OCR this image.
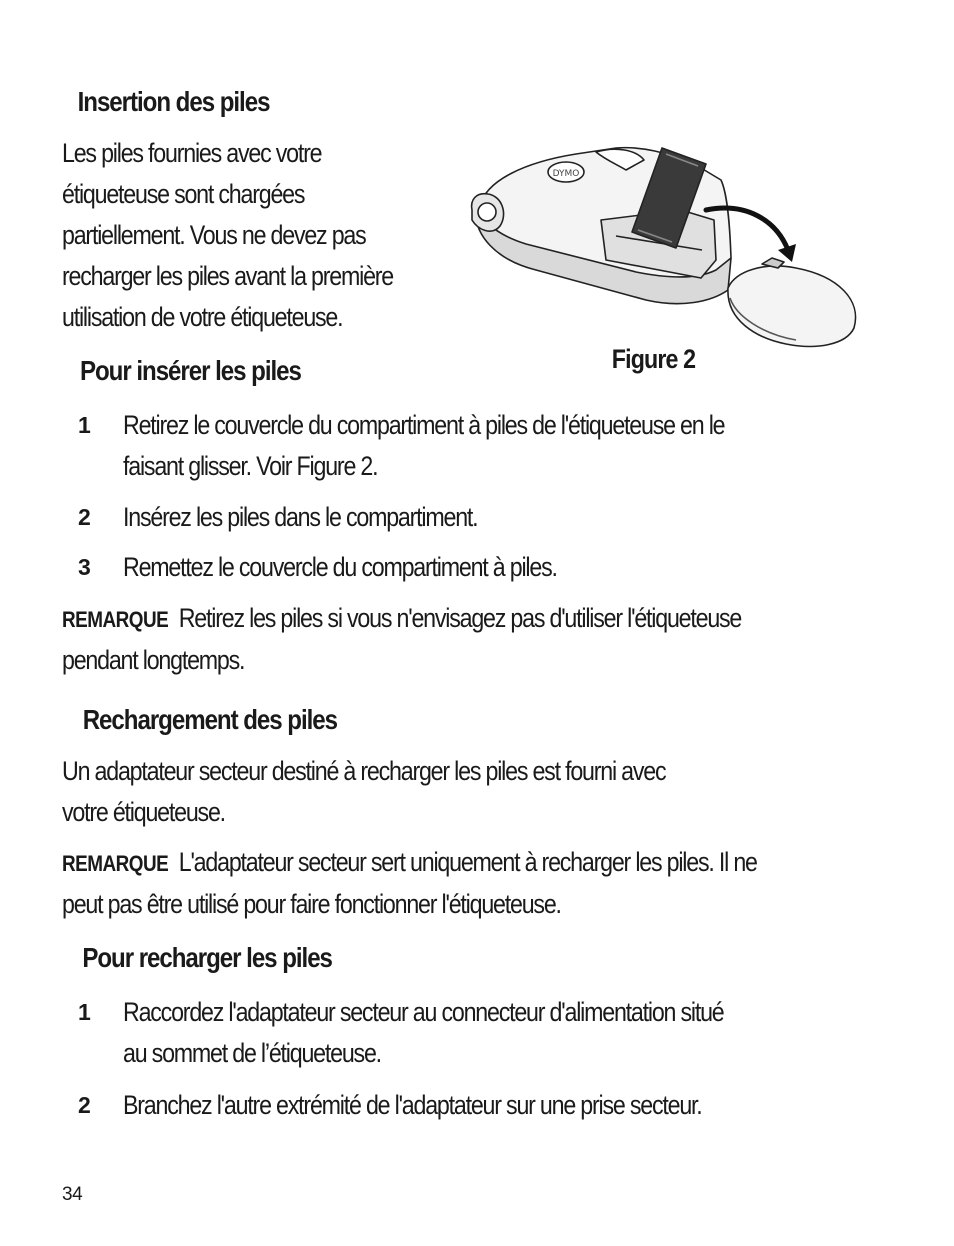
Insertion des piles
Les piles fournies avec votre
étiqueteuse sont chargées
partiellement. Vous ne devez pas
recharger les piles avant la première
utilisation de votre étiqueteuse.
DYMO
Figure 2
Pour insérer les piles
1 Retirez le couvercle du compartiment à piles de l'étiqueteuse en le
faisant glisser. Voir Figure 2.
2 Insérez les piles dans le compartiment.
3 Remettez le couvercle du compartiment à piles.
REMARQUE Retirez les piles si vous n'envisagez pas d'utiliser l'étiqueteuse
pendant longtemps.
Rechargement des piles
Un adaptateur secteur destiné à recharger les piles est fourni avec
votre étiqueteuse.
REMARQUE L'adaptateur secteur sert uniquement à recharger les piles. Il ne
peut pas être utilisé pour faire fonctionner l'étiqueteuse.
Pour recharger les piles
1 Raccordez l'adaptateur secteur au connecteur d'alimentation situé
au sommet de l’étiqueteuse.
2 Branchez l'autre extrémité de l'adaptateur sur une prise secteur.
34
